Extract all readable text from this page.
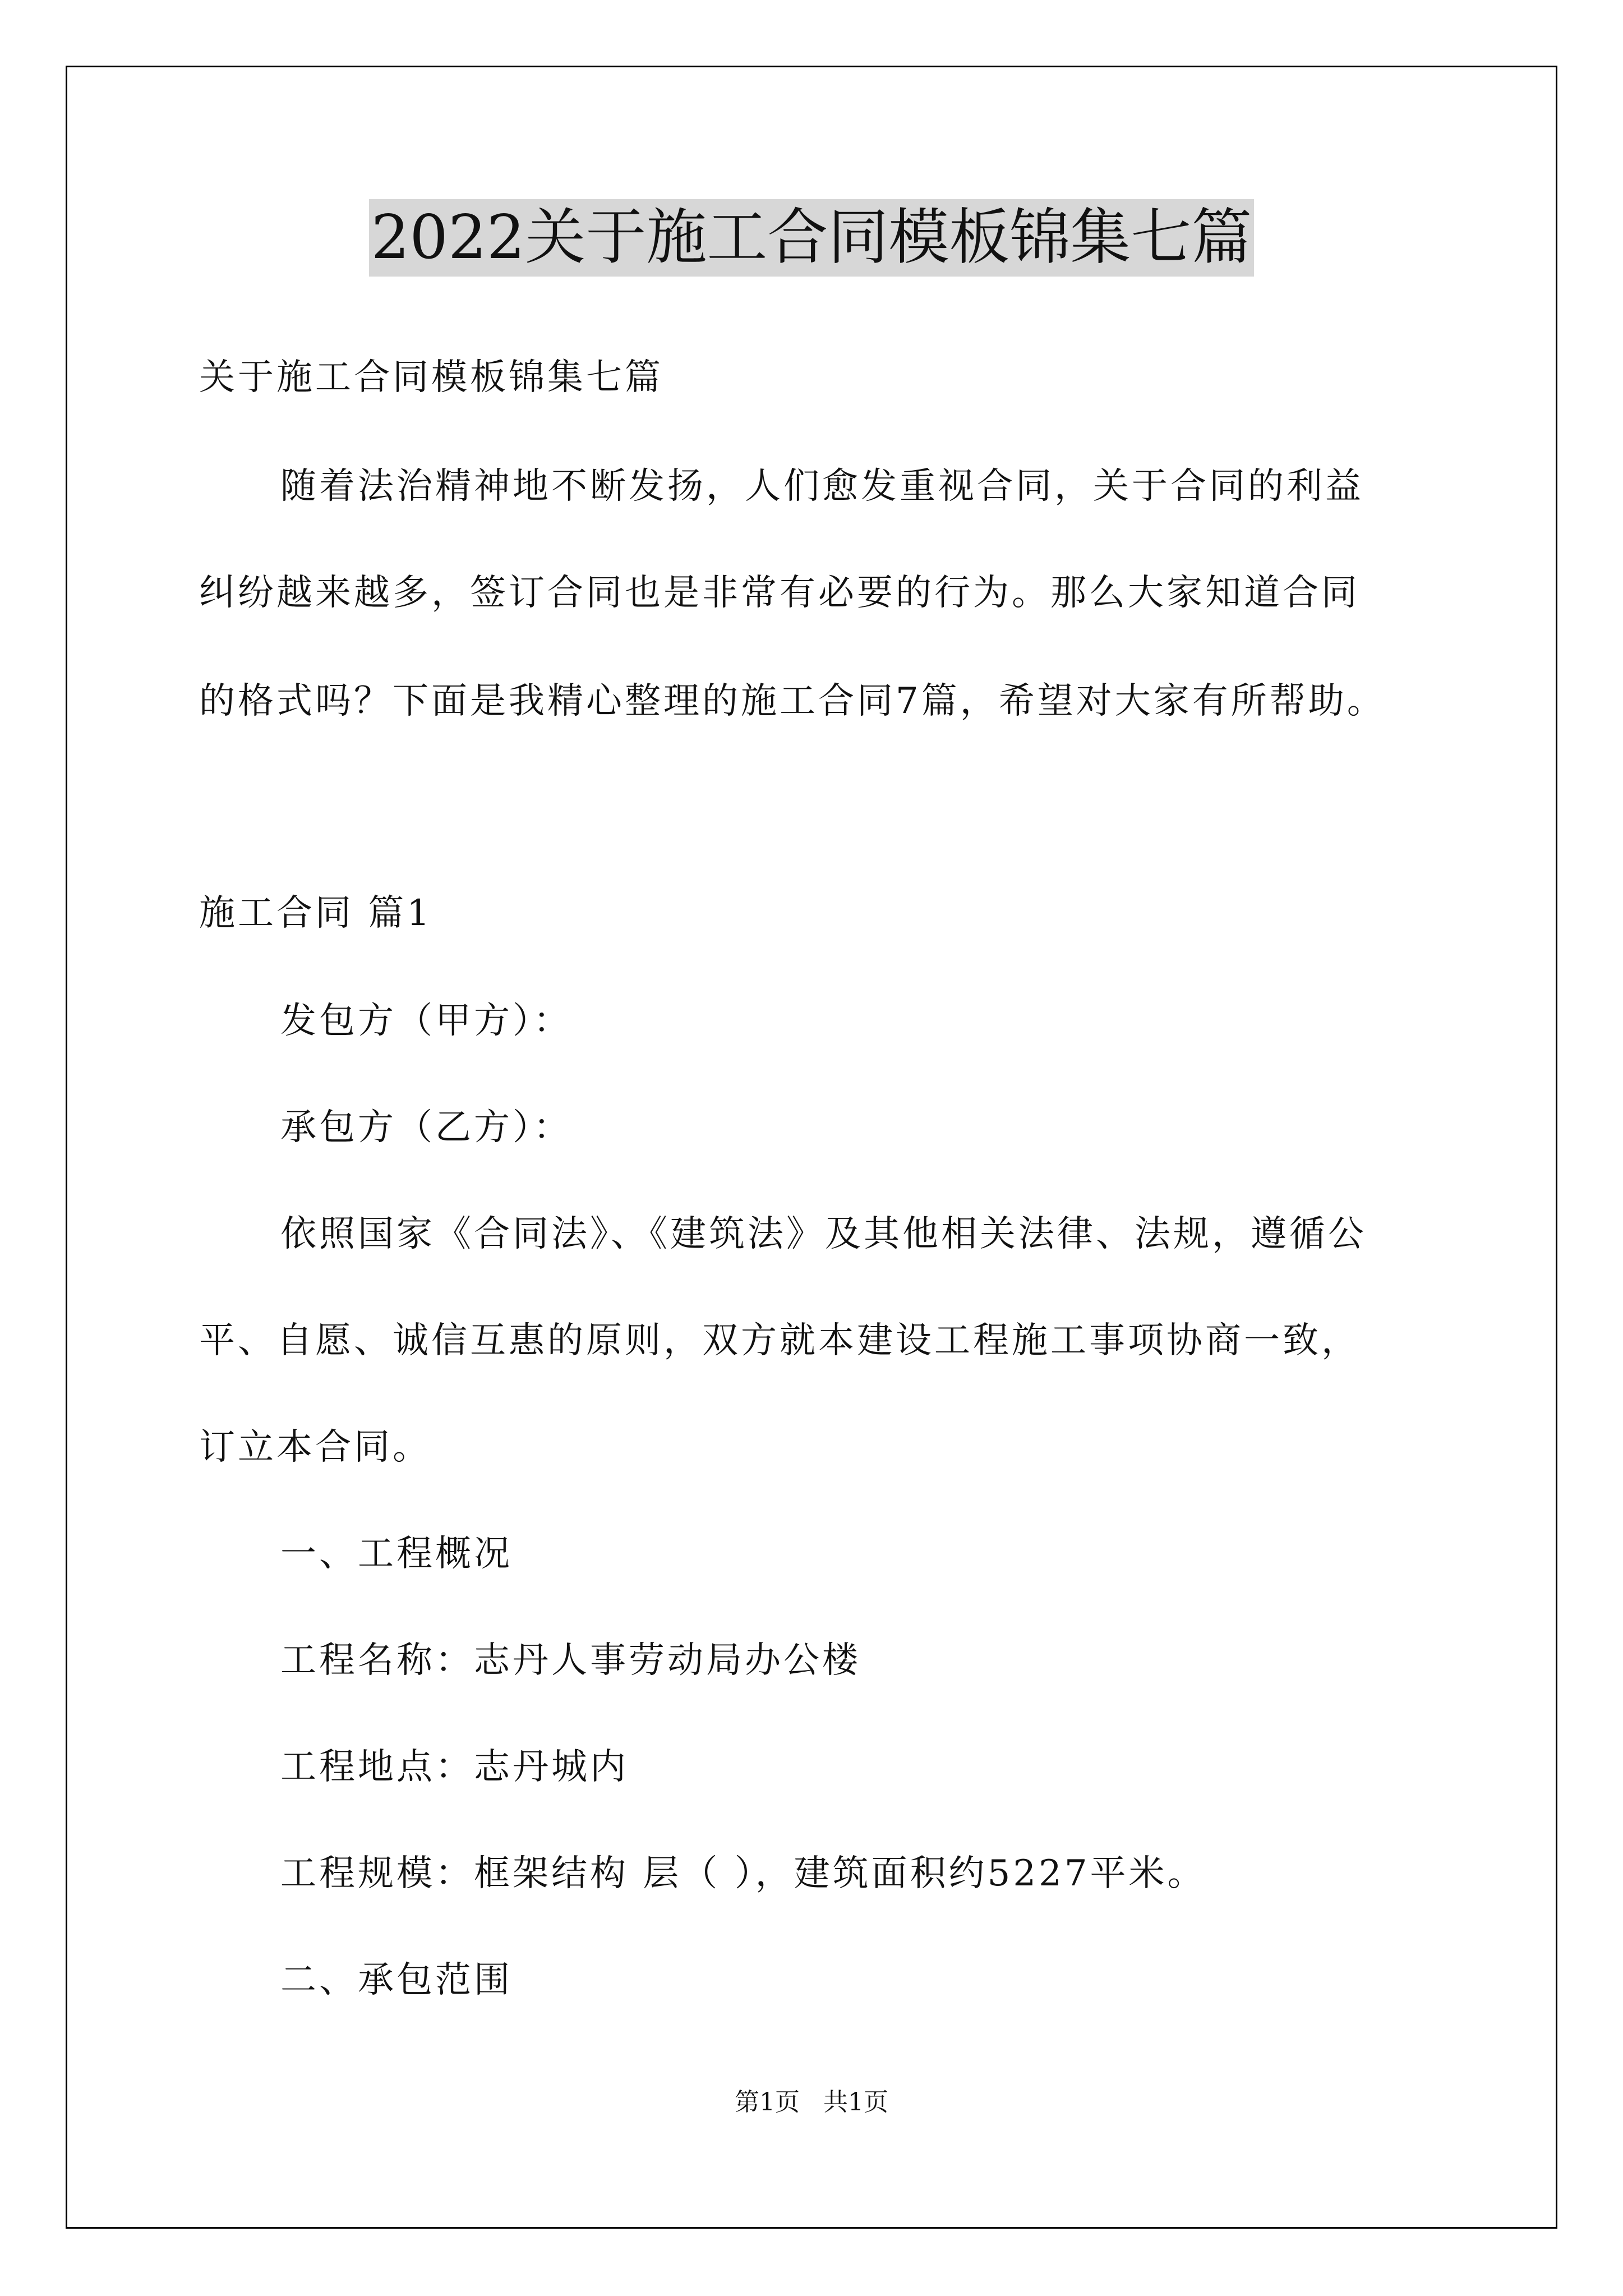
2022关于施工合同模板锦集七篇
关于施工合同模板锦集七篇
随着法治精神地不断发扬，人们愈发重视合同，关于合同的利益
纠纷越来越多，签订合同也是非常有必要的行为。那么大家知道合同
的格式吗？下面是我精心整理的施工合同7篇，希望对大家有所帮助。
施工合同 篇1
发包方（甲方）：
承包方（乙方）：
依照国家《合同法》、《建筑法》及其他相关法律、法规，遵循公
平、自愿、诚信互惠的原则，双方就本建设工程施工事项协商一致，
订立本合同。
一、工程概况
工程名称：志丹人事劳动局办公楼
工程地点：志丹城内
工程规模：框架结构 层（ ），建筑面积约5227平米。
二、承包范围
第1页   共1页
